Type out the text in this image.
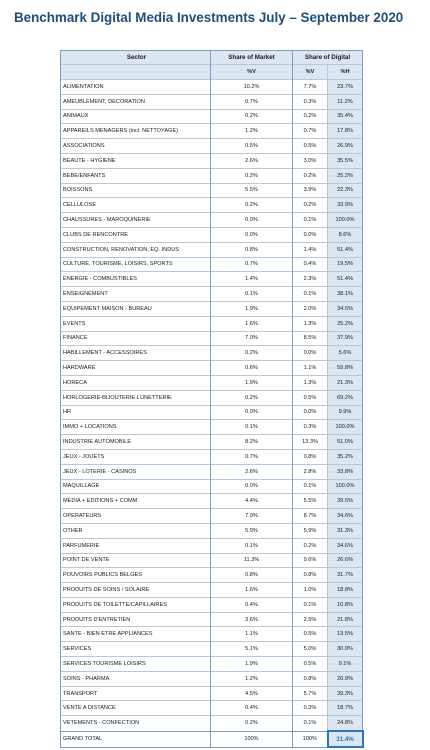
Benchmark Digital Media Investments July – September 2020
Sector	Share of Market	Share of Digital	
	%V	%V	%H
ALIMENTATION	10.2%	7.7%	23.7%
AMEUBLEMENT, DECORATION	0.7%	0.3%	11.2%
ANIMAUX	0.2%	0.2%	35.4%
APPAREILS MENAGERS (incl. NETTOYAGE)	1.2%	0.7%	17.8%
ASSOCIATIONS	0.5%	0.5%	26.9%
BEAUTE - HYGIENE	2.6%	3.0%	35.5%
BEBE/ENFANTS	0.2%	0.2%	25.2%
BOISSONS	5.5%	3.9%	22.3%
CELLULOSE	0.2%	0.2%	33.9%
CHAUSSURES - MAROQUINERIE	0.0%	0.1%	100.0%
CLUBS DE RENCONTRE	0.0%	0.0%	8.6%
CONSTRUCTION, RENOVATION, EQ. INDUS	0.8%	1.4%	51.4%
CULTURE, TOURISME, LOISIRS, SPORTS	0.7%	0.4%	19.5%
ENERGIE - COMBUSTIBLES	1.4%	2.3%	51.4%
ENSEIGNEMENT	0.1%	0.1%	38.1%
EQUIPEMENT MAISON - BUREAU	1.9%	2.0%	34.5%
EVENTS	1.6%	1.3%	25.2%
FINANCE	7.0%	8.5%	37.9%
HABILLEMENT - ACCESSOIRES	0.2%	0.0%	5.6%
HARDWARE	0.6%	1.1%	59.8%
HORECA	1.9%	1.3%	21.3%
HORLOGERIE-BIJOUTERIE-LUNETTERIE	0.2%	0.5%	69.2%
HR	0.0%	0.0%	9.9%
IMMO + LOCATIONS	0.1%	0.3%	100.0%
INDUSTRIE AUTOMOBILE	8.2%	13.3%	51.0%
JEUX - JOUETS	0.7%	0.8%	35.2%
JEUX - LOTERIE - CASINOS	2.6%	2.8%	33.8%
MAQUILLAGE	0.0%	0.1%	100.0%
MEDIA + EDITIONS + COMM	4.4%	5.5%	39.5%
OPERATEURS	7.9%	8.7%	34.6%
OTHER	5.9%	5.9%	31.3%
PARFUMERIE	0.1%	0.2%	34.6%
POINT DE VENTE	11.3%	9.6%	26.6%
POUVOIRS PUBLICS BELGES	0.8%	0.8%	31.7%
PRODUITS DE SOINS / SOLAIRE	1.6%	1.0%	18.8%
PRODUITS DE TOILETTE/CAPILLAIRES	0.4%	0.1%	10.8%
PRODUITS D'ENTRETIEN	3.6%	2.5%	21.8%
SANTE - BIEN ETRE APPLIANCES	1.1%	0.5%	13.5%
SERVICES	5.1%	5.0%	30.9%
SERVICES TOURISME LOISIRS	1.9%	0.5%	9.1%
SOINS - PHARMA	1.2%	0.8%	20.9%
TRANSPORT	4.5%	5.7%	39.3%
VENTE A DISTANCE	0.4%	0.3%	18.7%
VETEMENTS - CONFECTION	0.2%	0.1%	24.8%
GRAND TOTAL	100%	100%	31.4%
